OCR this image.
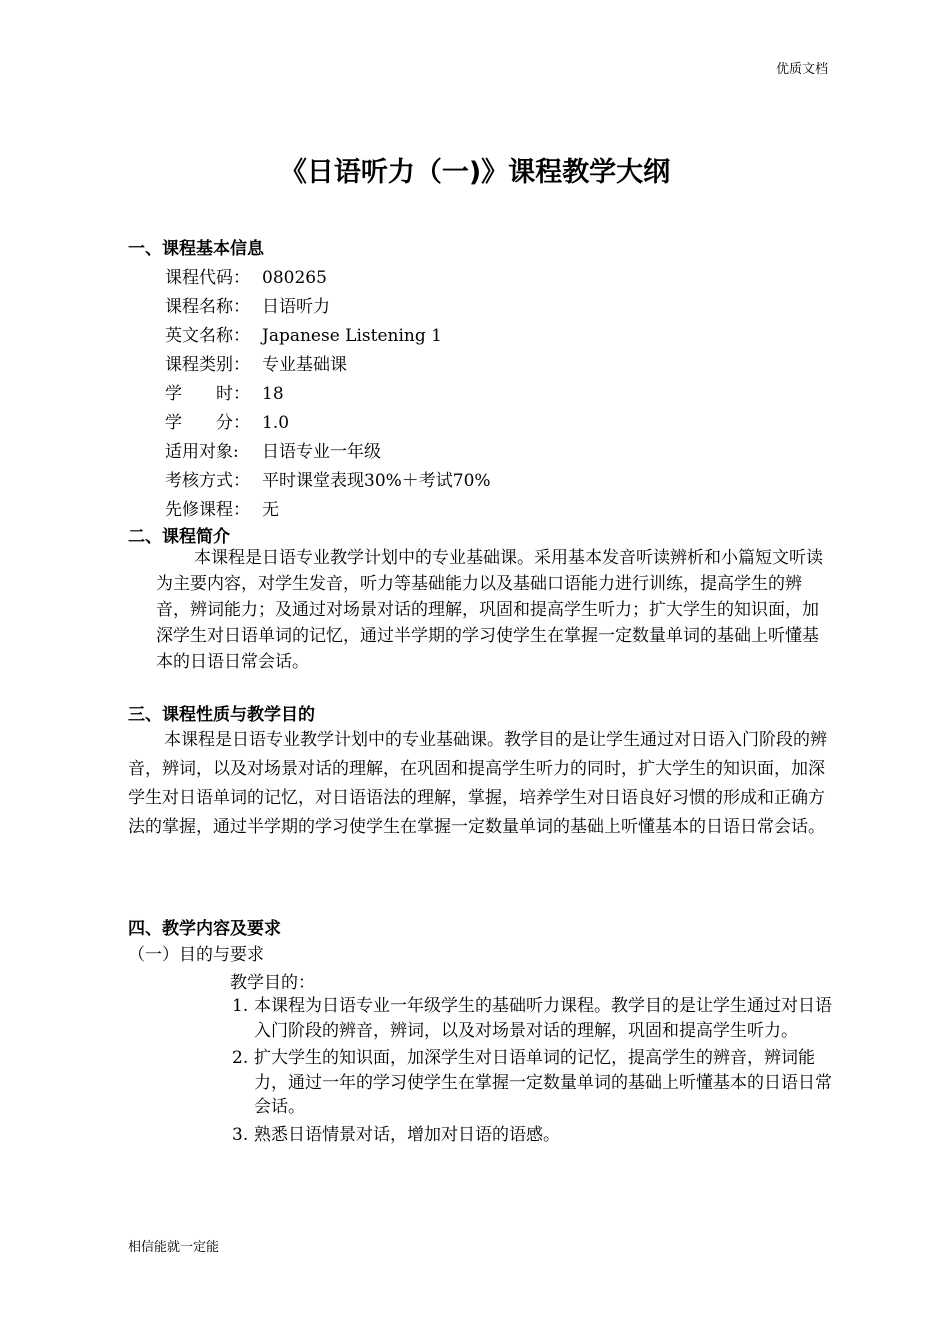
优质文档
《日语听力（一)》课程教学大纲
一、课程基本信息
课程代码： 080265
课程名称： 日语听力
英文名称： Japanese Listening 1
课程类别： 专业基础课
学　　时： 18
学　　分： 1.0
适用对象: 日语专业一年级
考核方式： 平时课堂表现30%＋考试70%
先修课程： 无
二、课程简介
本课程是日语专业教学计划中的专业基础课。采用基本发音听读辨析和小篇短文听读为主要内容，对学生发音，听力等基础能力以及基础口语能力进行训练，提高学生的辨音，辨词能力；及通过对场景对话的理解，巩固和提高学生听力；扩大学生的知识面，加深学生对日语单词的记忆，通过半学期的学习使学生在掌握一定数量单词的基础上听懂基本的日语日常会话。
三、课程性质与教学目的
本课程是日语专业教学计划中的专业基础课。教学目的是让学生通过对日语入门阶段的辨音，辨词，以及对场景对话的理解，在巩固和提高学生听力的同时，扩大学生的知识面，加深学生对日语单词的记忆，对日语语法的理解，掌握，培养学生对日语良好习惯的形成和正确方法的掌握，通过半学期的学习使学生在掌握一定数量单词的基础上听懂基本的日语日常会话。
四、教学内容及要求
（一）目的与要求
教学目的：
1. 本课程为日语专业一年级学生的基础听力课程。教学目的是让学生通过对日语入门阶段的辨音，辨词，以及对场景对话的理解，巩固和提高学生听力。
2. 扩大学生的知识面，加深学生对日语单词的记忆，提高学生的辨音，辨词能力，通过一年的学习使学生在掌握一定数量单词的基础上听懂基本的日语日常会话。
3. 熟悉日语情景对话，增加对日语的语感。
相信能就一定能
